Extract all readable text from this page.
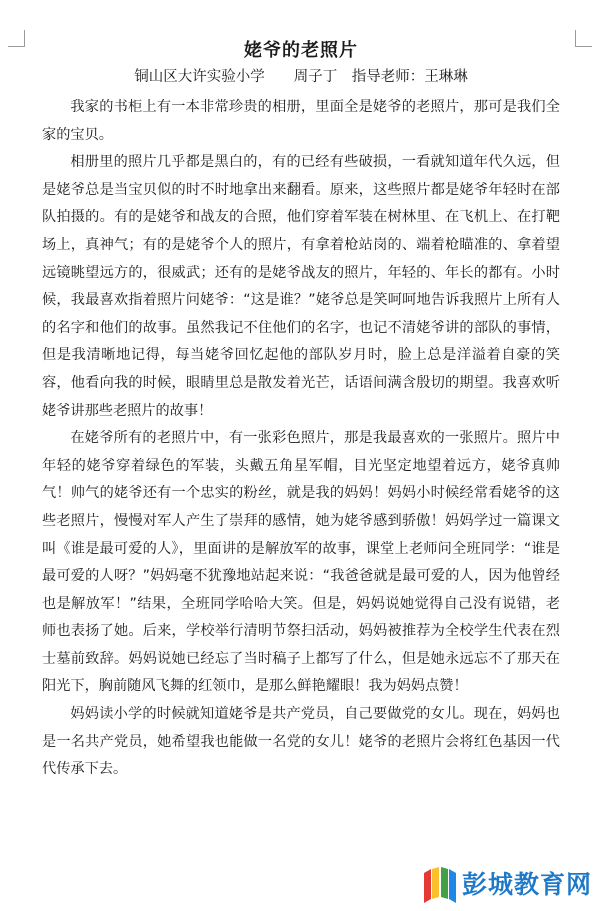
姥爷的老照片
铜山区大许实验小学　　周子丁　指导老师：王琳琳

我家的书柜上有一本非常珍贵的相册，里面全是姥爷的老照片，那可是我们全家的宝贝。

相册里的照片几乎都是黑白的，有的已经有些破损，一看就知道年代久远，但是姥爷总是当宝贝似的时不时地拿出来翻看。原来，这些照片都是姥爷年轻时在部队拍摄的。有的是姥爷和战友的合照，他们穿着军装在树林里、在飞机上、在打靶场上，真神气；有的是姥爷个人的照片，有拿着枪站岗的、端着枪瞄准的、拿着望远镜眺望远方的，很威武；还有的是姥爷战友的照片，年轻的、年长的都有。小时候，我最喜欢指着照片问姥爷：“这是谁？”姥爷总是笑呵呵地告诉我照片上所有人的名字和他们的故事。虽然我记不住他们的名字，也记不清姥爷讲的部队的事情，但是我清晰地记得，每当姥爷回忆起他的部队岁月时，脸上总是洋溢着自豪的笑容，他看向我的时候，眼睛里总是散发着光芒，话语间满含殷切的期望。我喜欢听姥爷讲那些老照片的故事！

在姥爷所有的老照片中，有一张彩色照片，那是我最喜欢的一张照片。照片中年轻的姥爷穿着绿色的军装，头戴五角星军帽，目光坚定地望着远方，姥爷真帅气！帅气的姥爷还有一个忠实的粉丝，就是我的妈妈！妈妈小时候经常看姥爷的这些老照片，慢慢对军人产生了崇拜的感情，她为姥爷感到骄傲！妈妈学过一篇课文叫《谁是最可爱的人》，里面讲的是解放军的故事，课堂上老师问全班同学：“谁是最可爱的人呀？”妈妈毫不犹豫地站起来说：“我爸爸就是最可爱的人，因为他曾经也是解放军！”结果，全班同学哈哈大笑。但是，妈妈说她觉得自己没有说错，老师也表扬了她。后来，学校举行清明节祭扫活动，妈妈被推荐为全校学生代表在烈士墓前致辞。妈妈说她已经忘了当时稿子上都写了什么，但是她永远忘不了那天在阳光下，胸前随风飞舞的红领巾，是那么鲜艳耀眼！我为妈妈点赞！

妈妈读小学的时候就知道姥爷是共产党员，自己要做党的女儿。现在，妈妈也是一名共产党员，她希望我也能做一名党的女儿！姥爷的老照片会将红色基因一代代传承下去。

彭城教育网
